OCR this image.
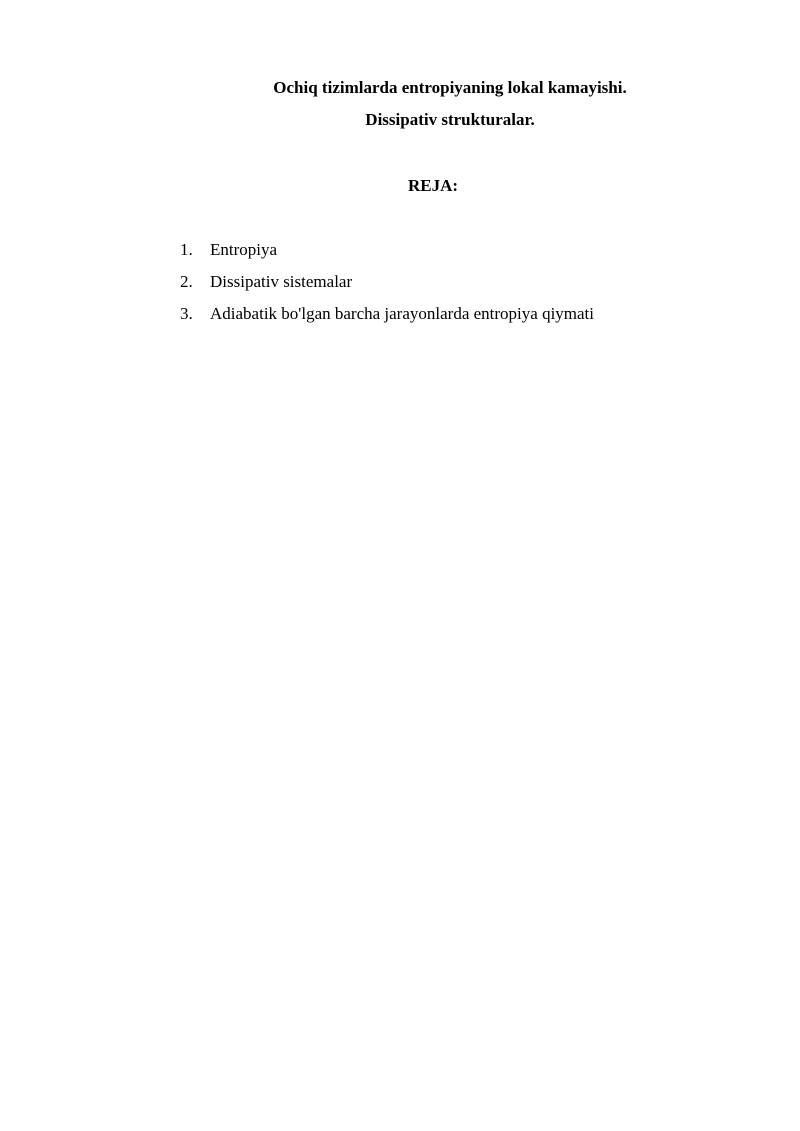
Ochiq tizimlarda entropiyaning lokal kamayishi.
Dissipativ strukturalar.
REJA:
1.	Entropiya
2.	Dissipativ sistemalar
3.	Adiabatik bo'lgan barcha jarayonlarda entropiya qiymati
